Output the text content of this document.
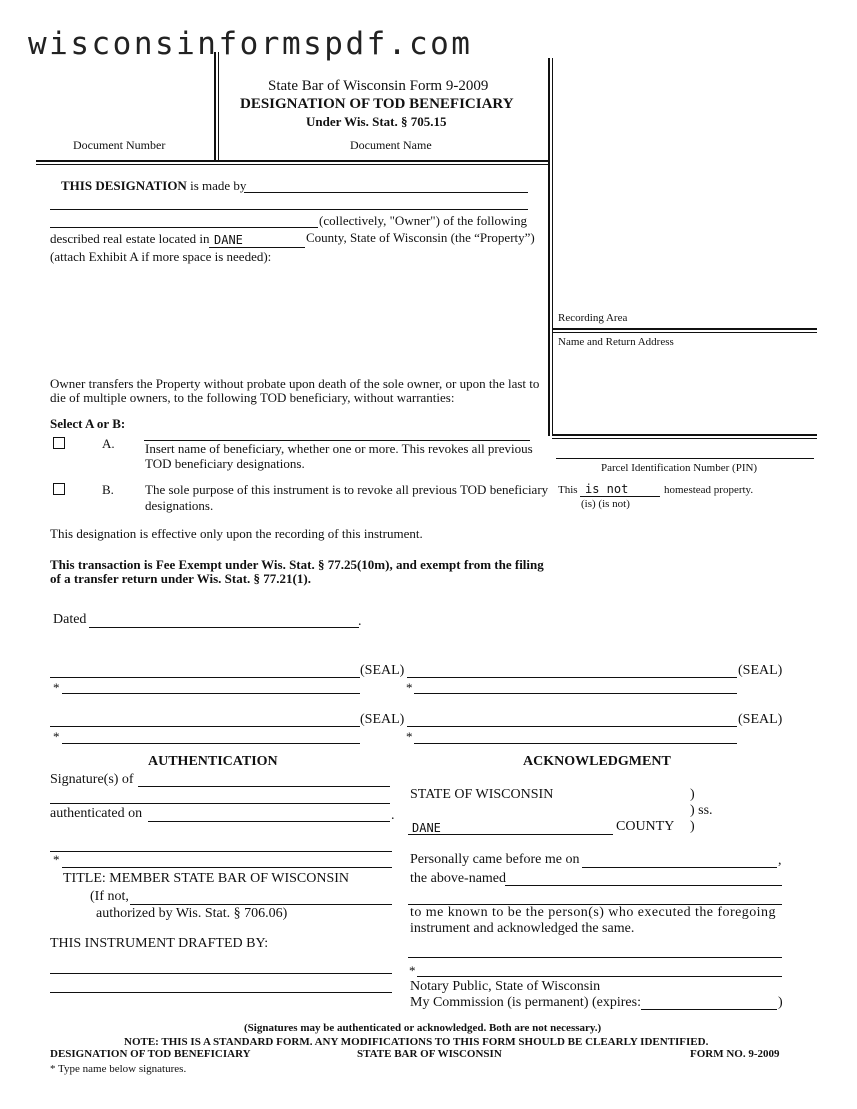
wisconsinformspdf.com
State Bar of Wisconsin Form 9-2009
DESIGNATION OF TOD BENEFICIARY
Under Wis. Stat. § 705.15
Document Number	Document Name
Recording Area
Name and Return Address
Parcel Identification Number (PIN)
This is not	homestead property.
(is) (is not)
THIS DESIGNATION is made by
(collectively, "Owner") of the following
described real estate located in DANE	County, State of Wisconsin (the “Property”)
(attach Exhibit A if more space is needed):
Owner transfers the Property without probate upon death of the sole owner, or upon the last to
die of multiple owners, to the following TOD beneficiary, without warranties:
Select A or B:
A. Insert name of beneficiary, whether one or more. This revokes all previous
TOD beneficiary designations.
B. The sole purpose of this instrument is to revoke all previous TOD beneficiary
designations.
This designation is effective only upon the recording of this instrument.
This transaction is Fee Exempt under Wis. Stat. § 77.25(10m), and exempt from the filing
of a transfer return under Wis. Stat. § 77.21(1).
Dated	.
(SEAL)	(SEAL)
*	*
(SEAL)	(SEAL)
*	*
AUTHENTICATION
Signature(s) of
authenticated on	.
*
TITLE: MEMBER STATE BAR OF WISCONSIN
(If not,
authorized by Wis. Stat. § 706.06)
THIS INSTRUMENT DRAFTED BY:
ACKNOWLEDGMENT
STATE OF WISCONSIN	)
) ss.
DANE	COUNTY )
Personally came before me on	,
the above-named
to me known to be the person(s) who executed the foregoing
instrument and acknowledged the same.
*
Notary Public, State of Wisconsin
My Commission (is permanent) (expires:	)
(Signatures may be authenticated or acknowledged. Both are not necessary.)
NOTE: THIS IS A STANDARD FORM. ANY MODIFICATIONS TO THIS FORM SHOULD BE CLEARLY IDENTIFIED.
DESIGNATION OF TOD BENEFICIARY	STATE BAR OF WISCONSIN	FORM NO. 9-2009
* Type name below signatures.
